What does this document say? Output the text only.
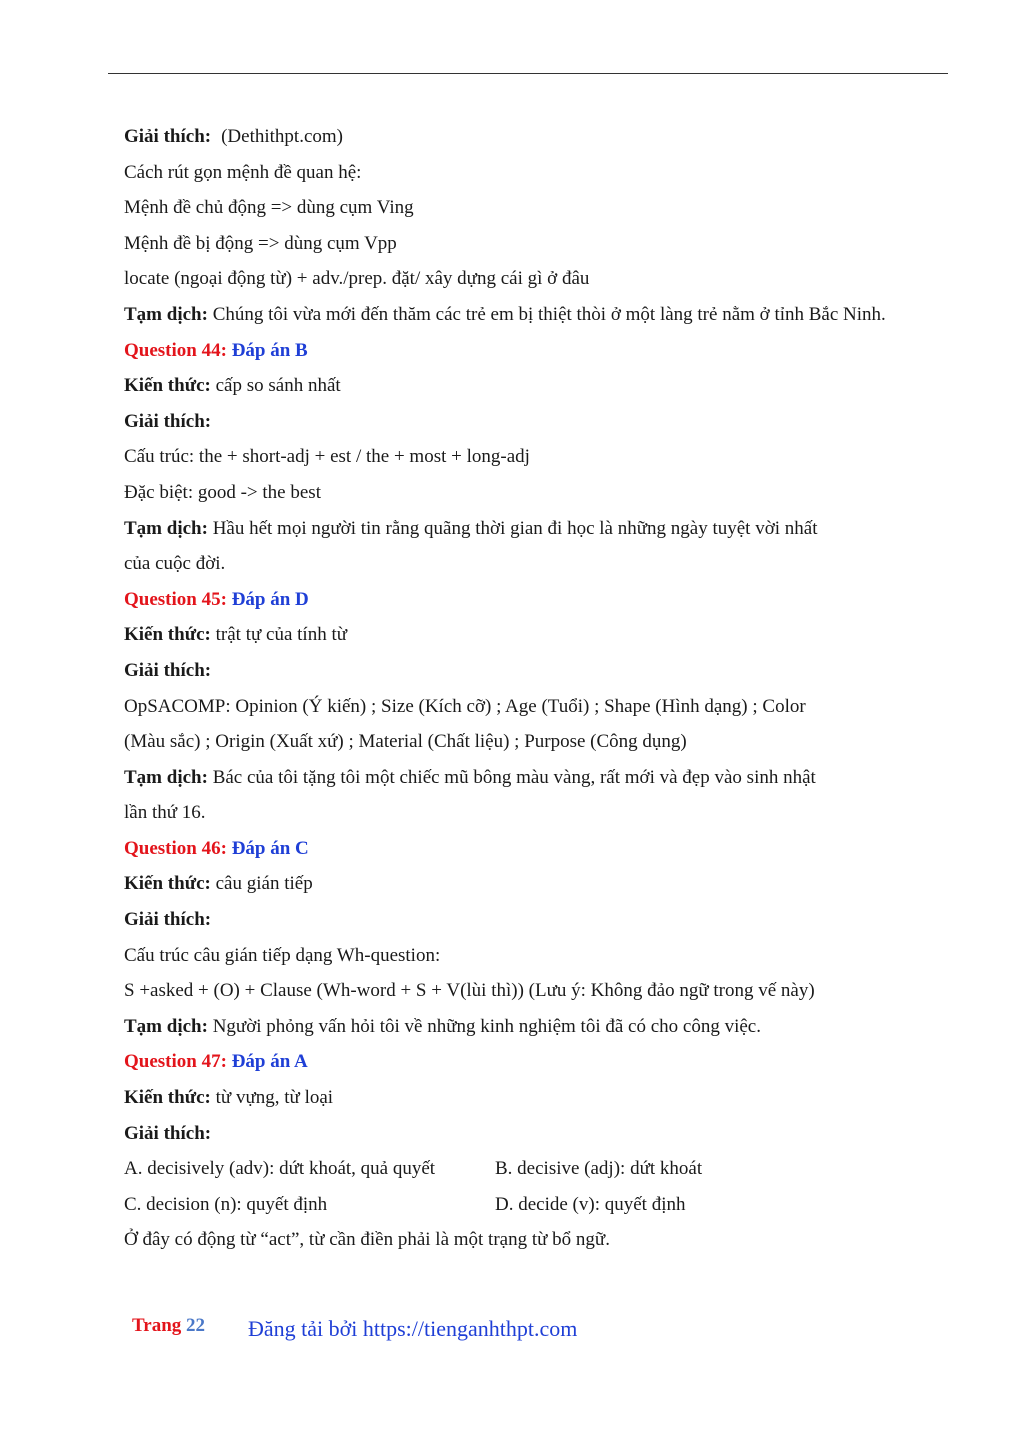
Giải thích: (Dethithpt.com)
Cách rút gọn mệnh đề quan hệ:
Mệnh đề chủ động => dùng cụm Ving
Mệnh đề bị động => dùng cụm Vpp
locate (ngoại động từ) + adv./prep. đặt/ xây dựng cái gì ở đâu
Tạm dịch: Chúng tôi vừa mới đến thăm các trẻ em bị thiệt thòi ở một làng trẻ nằm ở tỉnh Bắc Ninh.
Question 44: Đáp án B
Kiến thức: cấp so sánh nhất
Giải thích:
Cấu trúc: the + short-adj + est / the + most + long-adj
Đặc biệt: good -> the best
Tạm dịch: Hầu hết mọi người tin rằng quãng thời gian đi học là những ngày tuyệt vời nhất
của cuộc đời.
Question 45: Đáp án D
Kiến thức: trật tự của tính từ
Giải thích:
OpSACOMP: Opinion (Ý kiến) ; Size (Kích cỡ) ; Age (Tuổi) ; Shape (Hình dạng) ; Color
(Màu sắc) ; Origin (Xuất xứ) ; Material (Chất liệu) ; Purpose (Công dụng)
Tạm dịch: Bác của tôi tặng tôi một chiếc mũ bông màu vàng, rất mới và đẹp vào sinh nhật
lần thứ 16.
Question 46: Đáp án C
Kiến thức: câu gián tiếp
Giải thích:
Cấu trúc câu gián tiếp dạng Wh-question:
S +asked + (O) + Clause (Wh-word + S + V(lùi thì)) (Lưu ý: Không đảo ngữ trong vế này)
Tạm dịch: Người phỏng vấn hỏi tôi về những kinh nghiệm tôi đã có cho công việc.
Question 47: Đáp án A
Kiến thức: từ vựng, từ loại
Giải thích:
A. decisively (adv): dứt khoát, quả quyết	B. decisive (adj): dứt khoát
C. decision (n): quyết định	D. decide (v): quyết định
Ở đây có động từ “act”, từ cần điền phải là một trạng từ bổ ngữ.
Trang 22 Đăng tải bởi https://tienganhthpt.com
